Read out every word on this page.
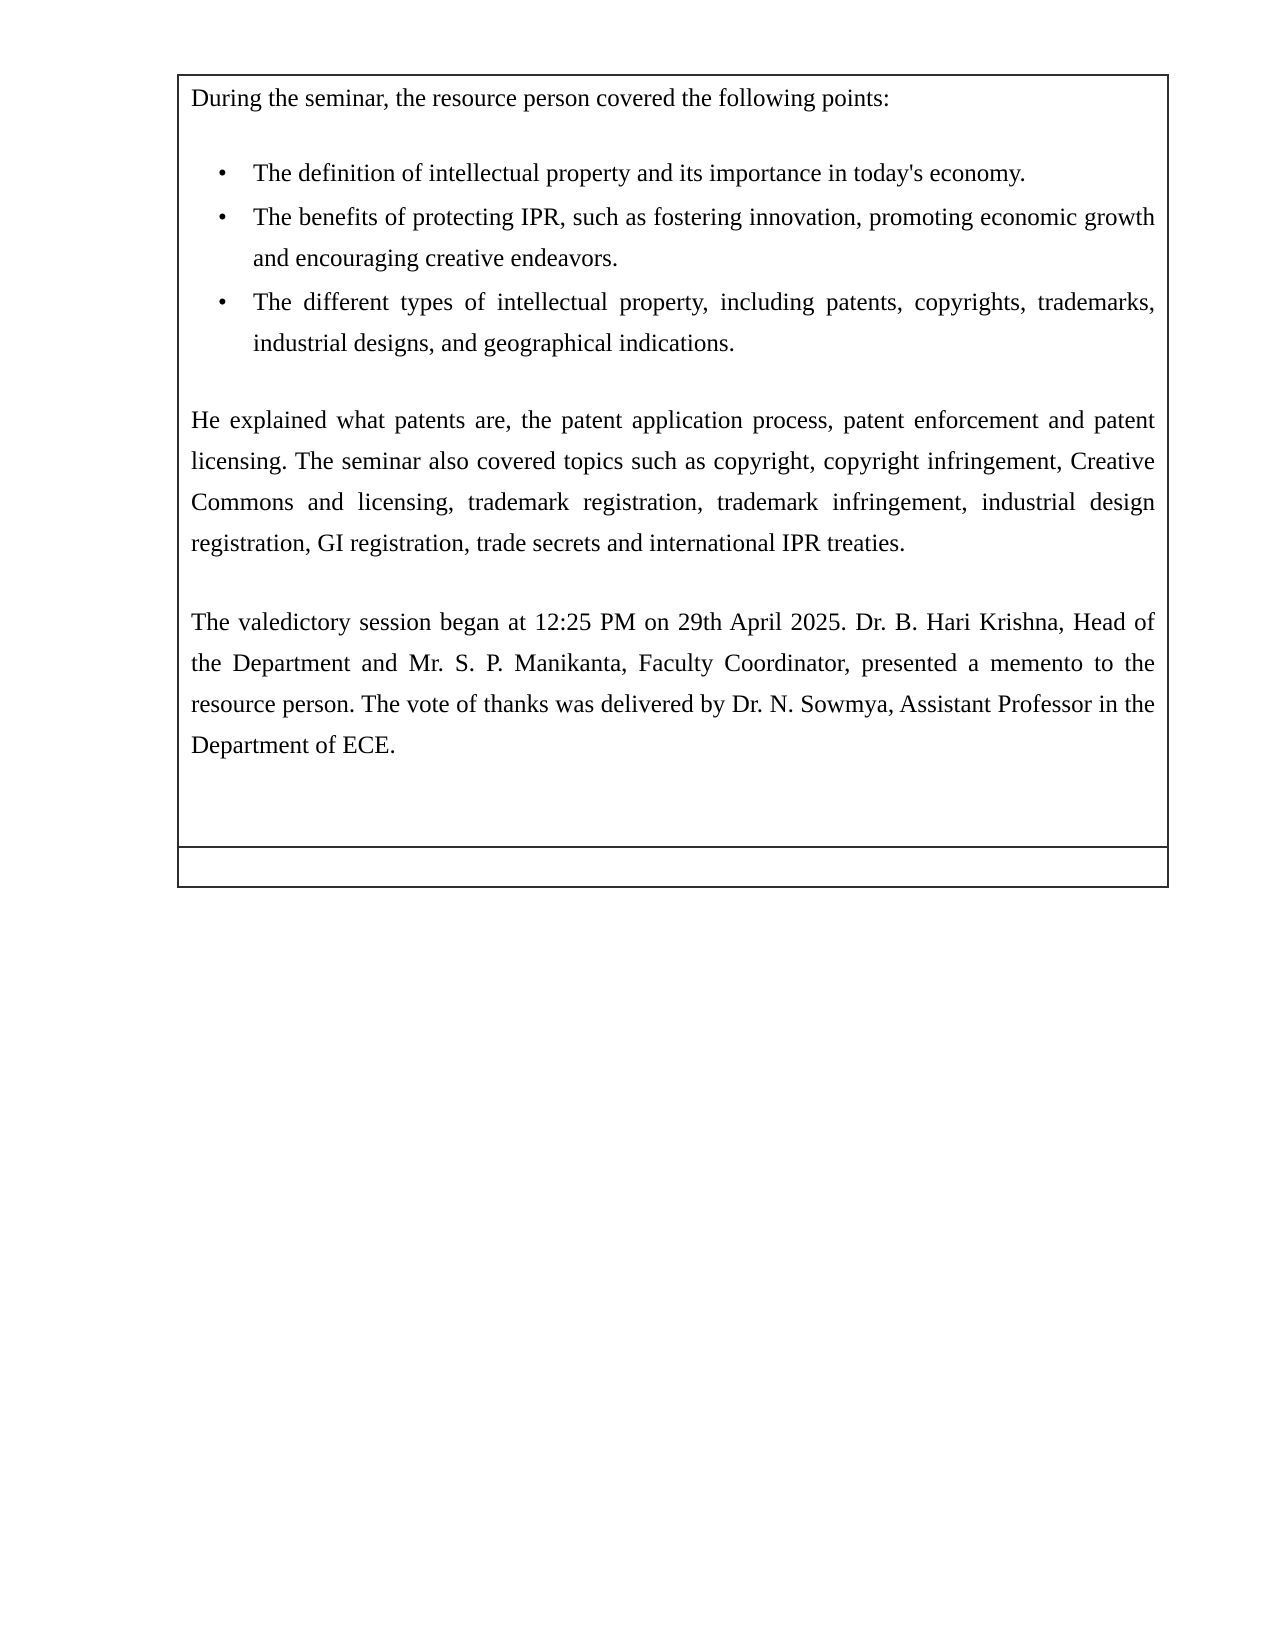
During the seminar, the resource person covered the following points:

• The definition of intellectual property and its importance in today's economy.
• The benefits of protecting IPR, such as fostering innovation, promoting economic growth and encouraging creative endeavors.
• The different types of intellectual property, including patents, copyrights, trademarks, industrial designs, and geographical indications.

He explained what patents are, the patent application process, patent enforcement and patent licensing. The seminar also covered topics such as copyright, copyright infringement, Creative Commons and licensing, trademark registration, trademark infringement, industrial design registration, GI registration, trade secrets and international IPR treaties.

The valedictory session began at 12:25 PM on 29th April 2025. Dr. B. Hari Krishna, Head of the Department and Mr. S. P. Manikanta, Faculty Coordinator, presented a memento to the resource person. The vote of thanks was delivered by Dr. N. Sowmya, Assistant Professor in the Department of ECE.
